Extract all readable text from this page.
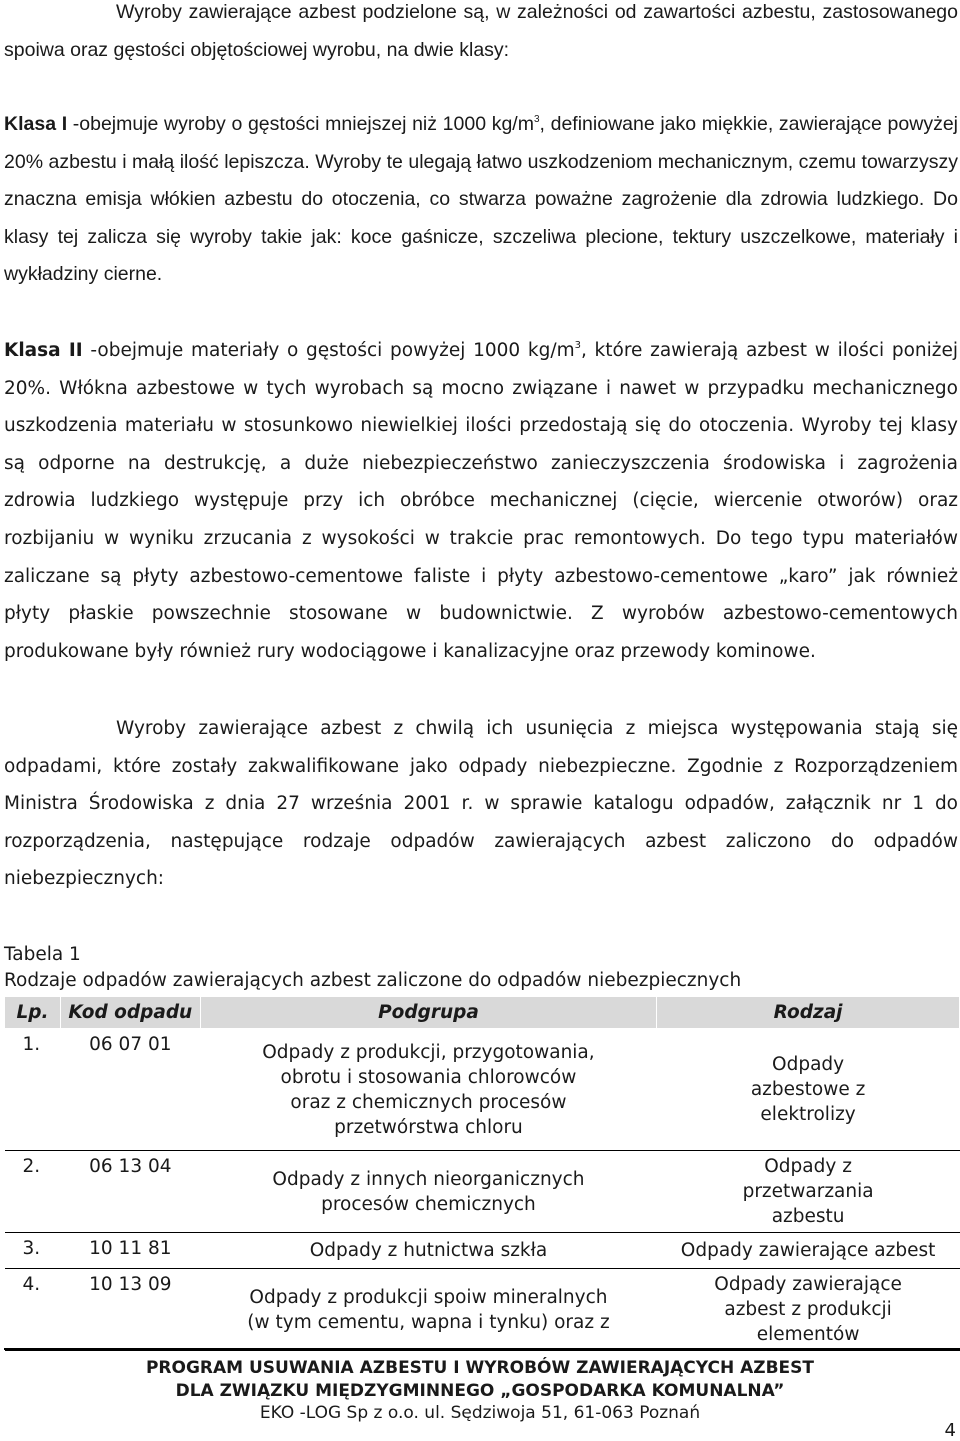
Wyroby zawierające azbest podzielone są, w zależności od zawartości azbestu, zastosowanego spoiwa oraz gęstości objętościowej wyrobu, na dwie klasy:
Klasa I -obejmuje wyroby o gęstości mniejszej niż 1000 $kg/m^3$, definiowane jako miękkie, zawierające powyżej 20% azbestu i małą ilość lepiszcza. Wyroby te ulegają łatwo uszkodzeniom mechanicznym, czemu towarzyszy znaczna emisja włókien azbestu do otoczenia, co stwarza poważne zagrożenie dla zdrowia ludzkiego. Do klasy tej zalicza się wyroby takie jak: koce gaśnicze, szczeliwa plecione, tektury uszczelkowe, materiały i wykładziny cierne.
Klasa II -obejmuje materiały o gęstości powyżej 1000 $kg/m^3$, które zawierają azbest w ilości poniżej 20%. Włókna azbestowe w tych wyrobach są mocno związane i nawet w przypadku mechanicznego uszkodzenia materiału w stosunkowo niewielkiej ilości przedostają się do otoczenia. Wyroby tej klasy są odporne na destrukcję, a duże niebezpieczeństwo zanieczyszczenia środowiska i zagrożenia zdrowia ludzkiego występuje przy ich obróbce mechanicznej (cięcie, wiercenie otworów) oraz rozbijaniu w wyniku zrzucania z wysokości w trakcie prac remontowych. Do tego typu materiałów zaliczane są płyty azbestowo-cementowe faliste i płyty azbestowo-cementowe „karo” jak również płyty płaskie powszechnie stosowane w budownictwie. Z wyrobów azbestowo-cementowych produkowane były również rury wodociągowe i kanalizacyjne oraz przewody kominowe.
Wyroby zawierające azbest z chwilą ich usunięcia z miejsca występowania stają się odpadami, które zostały zakwalifikowane jako odpady niebezpieczne. Zgodnie z Rozporządzeniem Ministra Środowiska z dnia 27 września 2001 r. w sprawie katalogu odpadów, załącznik nr 1 do rozporządzenia, następujące rodzaje odpadów zawierających azbest zaliczono do odpadów niebezpiecznych:
Tabela 1
Rodzaje odpadów zawierających azbest zaliczone do odpadów niebezpiecznych
Lp.	Kod odpadu	Podgrupa	Rodzaj
1.	06 07 01	Odpady z produkcji, przygotowania, obrotu i stosowania chlorowców oraz z chemicznych procesów przetwórstwa chloru	Odpady azbestowe z elektrolizy
2.	06 13 04	Odpady z innych nieorganicznych procesów chemicznych	Odpady z przetwarzania azbestu
3.	10 11 81	Odpady z hutnictwa szkła	Odpady zawierające azbest
4.	10 13 09	Odpady z produkcji spoiw mineralnych (w tym cementu, wapna i tynku) oraz z	Odpady zawierające azbest z produkcji elementów
PROGRAM USUWANIA AZBESTU I WYROBÓW ZAWIERAJĄCYCH AZBEST
DLA ZWIĄZKU MIĘDZYGMINNEGO „GOSPODARKA KOMUNALNA”
EKO -LOG Sp z o.o. ul. Sędziwoja 51, 61-063 Poznań
4
